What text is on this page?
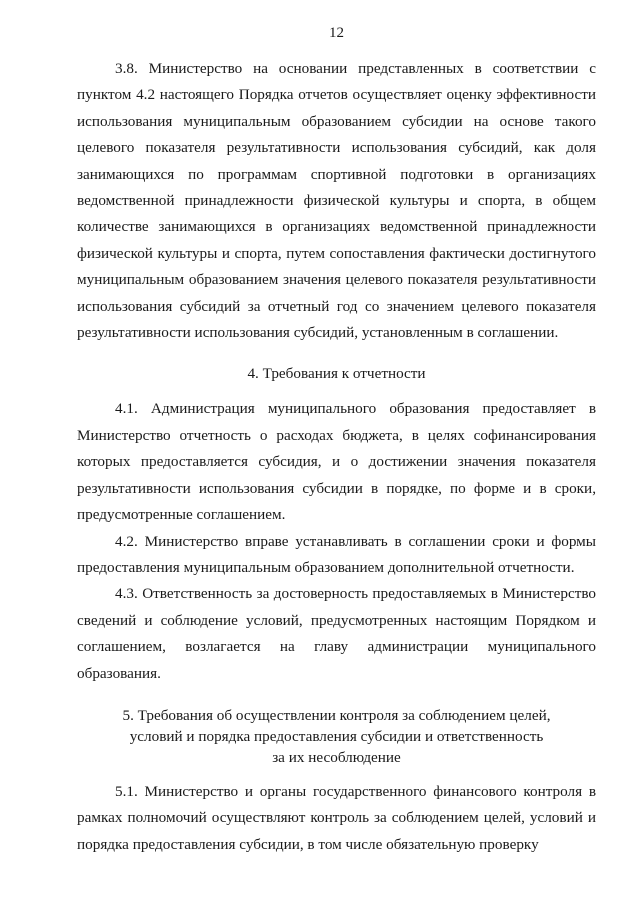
12

3.8. Министерство на основании представленных в соответствии с пунктом 4.2 настоящего Порядка отчетов осуществляет оценку эффективности использования муниципальным образованием субсидии на основе такого целевого показателя результативности использования субсидий, как доля занимающихся по программам спортивной подготовки в организациях ведомственной принадлежности физической культуры и спорта, в общем количестве занимающихся в организациях ведомственной принадлежности физической культуры и спорта, путем сопоставления фактически достигнутого муниципальным образованием значения целевого показателя результативности использования субсидий за отчетный год со значением целевого показателя результативности использования субсидий, установленным в соглашении.

4. Требования к отчетности

4.1. Администрация муниципального образования предоставляет в Министерство отчетность о расходах бюджета, в целях софинансирования которых предоставляется субсидия, и о достижении значения показателя результативности использования субсидии в порядке, по форме и в сроки, предусмотренные соглашением.

4.2. Министерство вправе устанавливать в соглашении сроки и формы предоставления муниципальным образованием дополнительной отчетности.

4.3. Ответственность за достоверность предоставляемых в Министерство сведений и соблюдение условий, предусмотренных настоящим Порядком и соглашением, возлагается на главу администрации муниципального образования.

5. Требования об осуществлении контроля за соблюдением целей,
условий и порядка предоставления субсидии и ответственность
за их несоблюдение

5.1. Министерство и органы государственного финансового контроля в рамках полномочий осуществляют контроль за соблюдением целей, условий и порядка предоставления субсидии, в том числе обязательную проверку
